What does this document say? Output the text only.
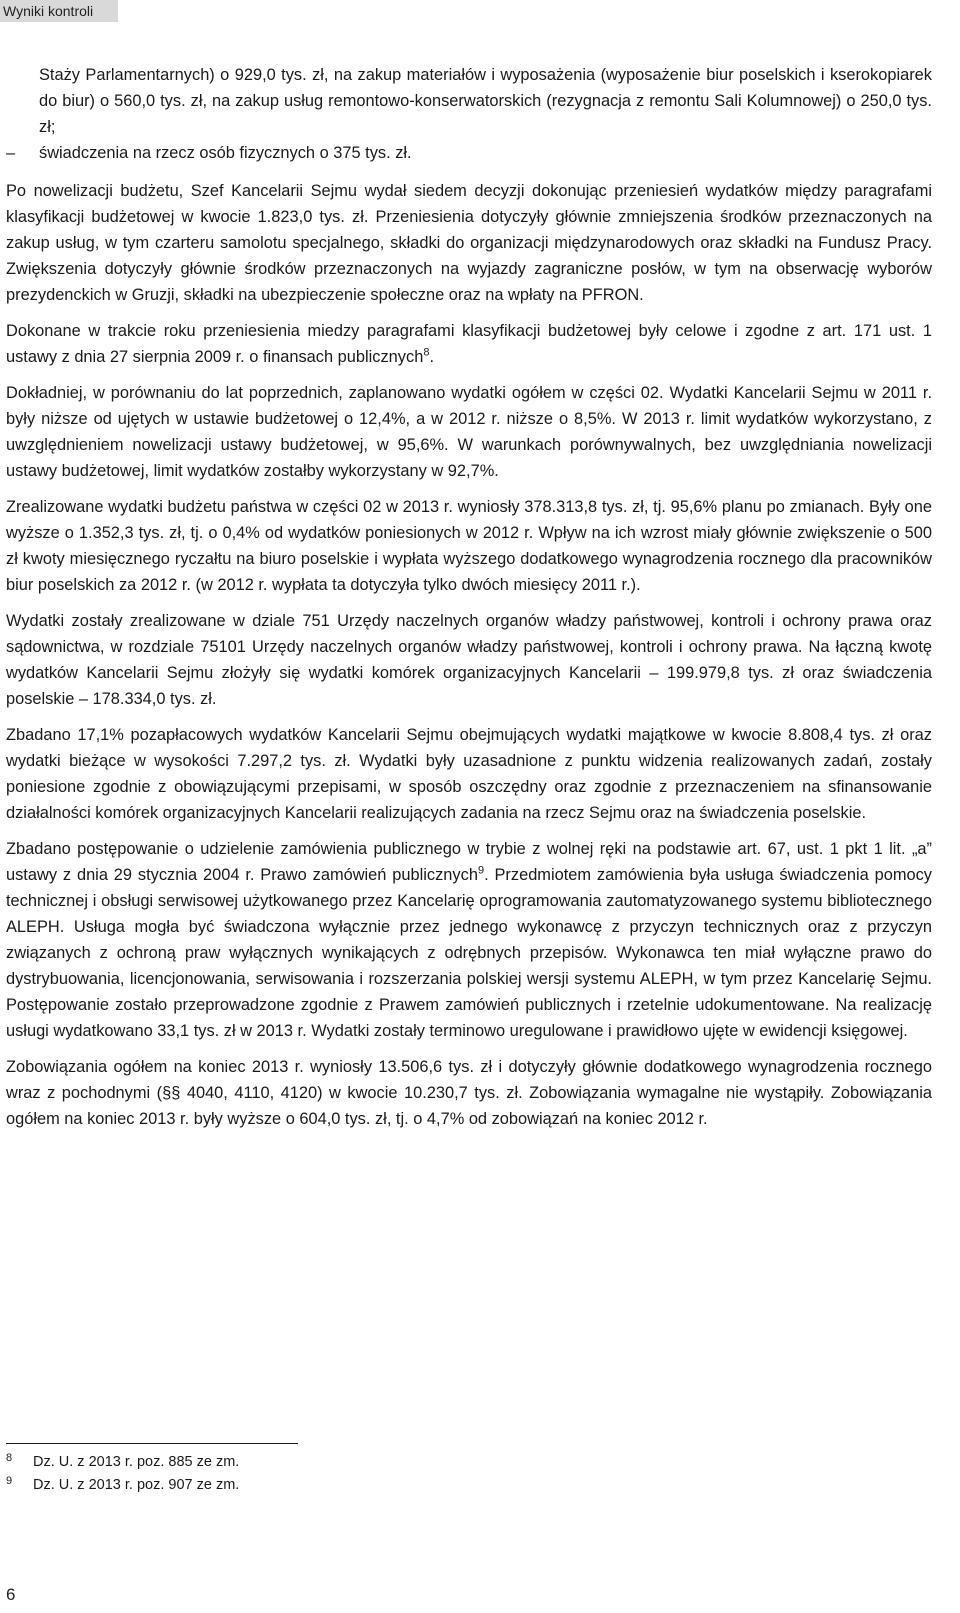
Wyniki kontroli

Staży Parlamentarnych) o 929,0 tys. zł, na zakup materiałów i wyposażenia (wyposażenie biur poselskich i kserokopiarek do biur) o 560,0 tys. zł, na zakup usług remontowo-konserwatorskich (rezygnacja z remontu Sali Kolumnowej) o 250,0 tys. zł;

– świadczenia na rzecz osób fizycznych o 375 tys. zł.

Po nowelizacji budżetu, Szef Kancelarii Sejmu wydał siedem decyzji dokonując przeniesień wydatków między paragrafami klasyfikacji budżetowej w kwocie 1.823,0 tys. zł. Przeniesienia dotyczyły głównie zmniejszenia środków przeznaczonych na zakup usług, w tym czarteru samolotu specjalnego, składki do organizacji międzynarodowych oraz składki na Fundusz Pracy. Zwiększenia dotyczyły głównie środków przeznaczonych na wyjazdy zagraniczne posłów, w tym na obserwację wyborów prezydenckich w Gruzji, składki na ubezpieczenie społeczne oraz na wpłaty na PFRON.

Dokonane w trakcie roku przeniesienia miedzy paragrafami klasyfikacji budżetowej były celowe i zgodne z art. 171 ust. 1 ustawy z dnia 27 sierpnia 2009 r. o finansach publicznych$^8$.

Dokładniej, w porównaniu do lat poprzednich, zaplanowano wydatki ogółem w części 02. Wydatki Kancelarii Sejmu w 2011 r. były niższe od ujętych w ustawie budżetowej o 12,4%, a w 2012 r. niższe o 8,5%. W 2013 r. limit wydatków wykorzystano, z uwzględnieniem nowelizacji ustawy budżetowej, w 95,6%. W warunkach porównywalnych, bez uwzględniania nowelizacji ustawy budżetowej, limit wydatków zostałby wykorzystany w 92,7%.

Zrealizowane wydatki budżetu państwa w części 02 w 2013 r. wyniosły 378.313,8 tys. zł, tj. 95,6% planu po zmianach. Były one wyższe o 1.352,3 tys. zł, tj. o 0,4% od wydatków poniesionych w 2012 r. Wpływ na ich wzrost miały głównie zwiększenie o 500 zł kwoty miesięcznego ryczałtu na biuro poselskie i wypłata wyższego dodatkowego wynagrodzenia rocznego dla pracowników biur poselskich za 2012 r. (w 2012 r. wypłata ta dotyczyła tylko dwóch miesięcy 2011 r.).

Wydatki zostały zrealizowane w dziale 751 Urzędy naczelnych organów władzy państwowej, kontroli i ochrony prawa oraz sądownictwa, w rozdziale 75101 Urzędy naczelnych organów władzy państwowej, kontroli i ochrony prawa. Na łączną kwotę wydatków Kancelarii Sejmu złożyły się wydatki komórek organizacyjnych Kancelarii – 199.979,8 tys. zł oraz świadczenia poselskie – 178.334,0 tys. zł.

Zbadano 17,1% pozapłacowych wydatków Kancelarii Sejmu obejmujących wydatki majątkowe w kwocie 8.808,4 tys. zł oraz wydatki bieżące w wysokości 7.297,2 tys. zł. Wydatki były uzasadnione z punktu widzenia realizowanych zadań, zostały poniesione zgodnie z obowiązującymi przepisami, w sposób oszczędny oraz zgodnie z przeznaczeniem na sfinansowanie działalności komórek organizacyjnych Kancelarii realizujących zadania na rzecz Sejmu oraz na świadczenia poselskie.

Zbadano postępowanie o udzielenie zamówienia publicznego w trybie z wolnej ręki na podstawie art. 67, ust. 1 pkt 1 lit. „a” ustawy z dnia 29 stycznia 2004 r. Prawo zamówień publicznych$^9$. Przedmiotem zamówienia była usługa świadczenia pomocy technicznej i obsługi serwisowej użytkowanego przez Kancelarię oprogramowania zautomatyzowanego systemu bibliotecznego ALEPH. Usługa mogła być świadczona wyłącznie przez jednego wykonawcę z przyczyn technicznych oraz z przyczyn związanych z ochroną praw wyłącznych wynikających z odrębnych przepisów. Wykonawca ten miał wyłączne prawo do dystrybuowania, licencjonowania, serwisowania i rozszerzania polskiej wersji systemu ALEPH, w tym przez Kancelarię Sejmu. Postępowanie zostało przeprowadzone zgodnie z Prawem zamówień publicznych i rzetelnie udokumentowane. Na realizację usługi wydatkowano 33,1 tys. zł w 2013 r. Wydatki zostały terminowo uregulowane i prawidłowo ujęte w ewidencji księgowej.

Zobowiązania ogółem na koniec 2013 r. wyniosły 13.506,6 tys. zł i dotyczyły głównie dodatkowego wynagrodzenia rocznego wraz z pochodnymi (§§ 4040, 4110, 4120) w kwocie 10.230,7 tys. zł. Zobowiązania wymagalne nie wystąpiły. Zobowiązania ogółem na koniec 2013 r. były wyższe o 604,0 tys. zł, tj. o 4,7% od zobowiązań na koniec 2012 r.

8 Dz. U. z 2013 r. poz. 885 ze zm.
9 Dz. U. z 2013 r. poz. 907 ze zm.
6
